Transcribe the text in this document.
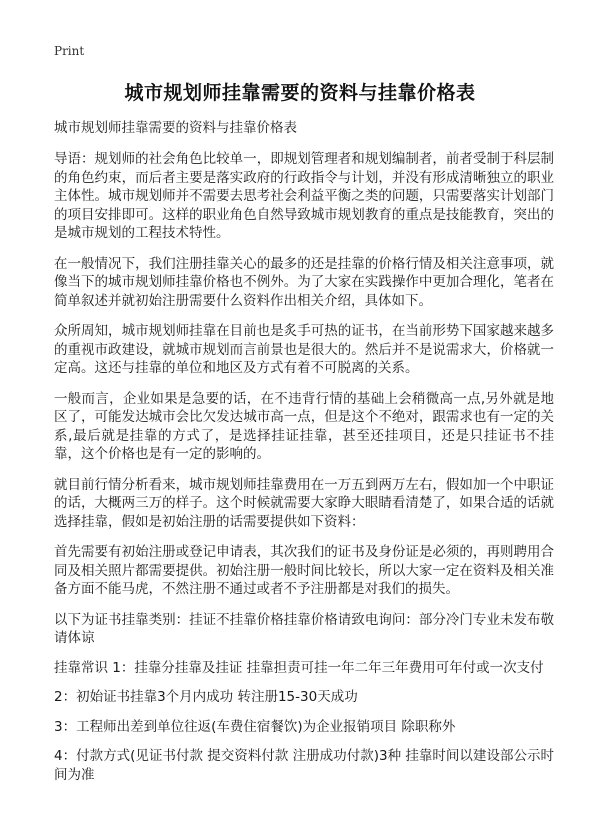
Print
城市规划师挂靠需要的资料与挂靠价格表

城市规划师挂靠需要的资料与挂靠价格表

导语：规划师的社会角色比较单一，即规划管理者和规划编制者，前者受制于科层制的角色约束，而后者主要是落实政府的行政指令与计划，并没有形成清晰独立的职业主体性。城市规划师并不需要去思考社会利益平衡之类的问题，只需要落实计划部门的项目安排即可。这样的职业角色自然导致城市规划教育的重点是技能教育，突出的是城市规划的工程技术特性。

在一般情况下，我们注册挂靠关心的最多的还是挂靠的价格行情及相关注意事项，就像当下的城市规划师挂靠价格也不例外。为了大家在实践操作中更加合理化，笔者在简单叙述并就初始注册需要什么资料作出相关介绍，具体如下。

众所周知，城市规划师挂靠在目前也是炙手可热的证书，在当前形势下国家越来越多的重视市政建设，就城市规划而言前景也是很大的。然后并不是说需求大，价格就一定高。这还与挂靠的单位和地区及方式有着不可脱离的关系。

一般而言，企业如果是急要的话，在不违背行情的基础上会稍微高一点,另外就是地区了，可能发达城市会比欠发达城市高一点，但是这个不绝对，跟需求也有一定的关系,最后就是挂靠的方式了，是选择挂证挂靠，甚至还挂项目，还是只挂证书不挂靠，这个价格也是有一定的影响的。

就目前行情分析看来，城市规划师挂靠费用在一万五到两万左右，假如加一个中职证的话，大概两三万的样子。这个时候就需要大家睁大眼睛看清楚了，如果合适的话就选择挂靠，假如是初始注册的话需要提供如下资料：

首先需要有初始注册或登记申请表，其次我们的证书及身份证是必须的，再则聘用合同及相关照片都需要提供。初始注册一般时间比较长，所以大家一定在资料及相关准备方面不能马虎，不然注册不通过或者不予注册都是对我们的损失。

以下为证书挂靠类别：挂证不挂靠价格挂靠价格请致电询问：部分冷门专业未发布敬请体谅

挂靠常识 1：挂靠分挂靠及挂证 挂靠担责可挂一年二年三年费用可年付或一次支付

2：初始证书挂靠3个月内成功 转注册15-30天成功

3：工程师出差到单位往返(车费住宿餐饮)为企业报销项目 除职称外

4：付款方式(见证书付款 提交资料付款 注册成功付款)3种 挂靠时间以建设部公示时间为准
